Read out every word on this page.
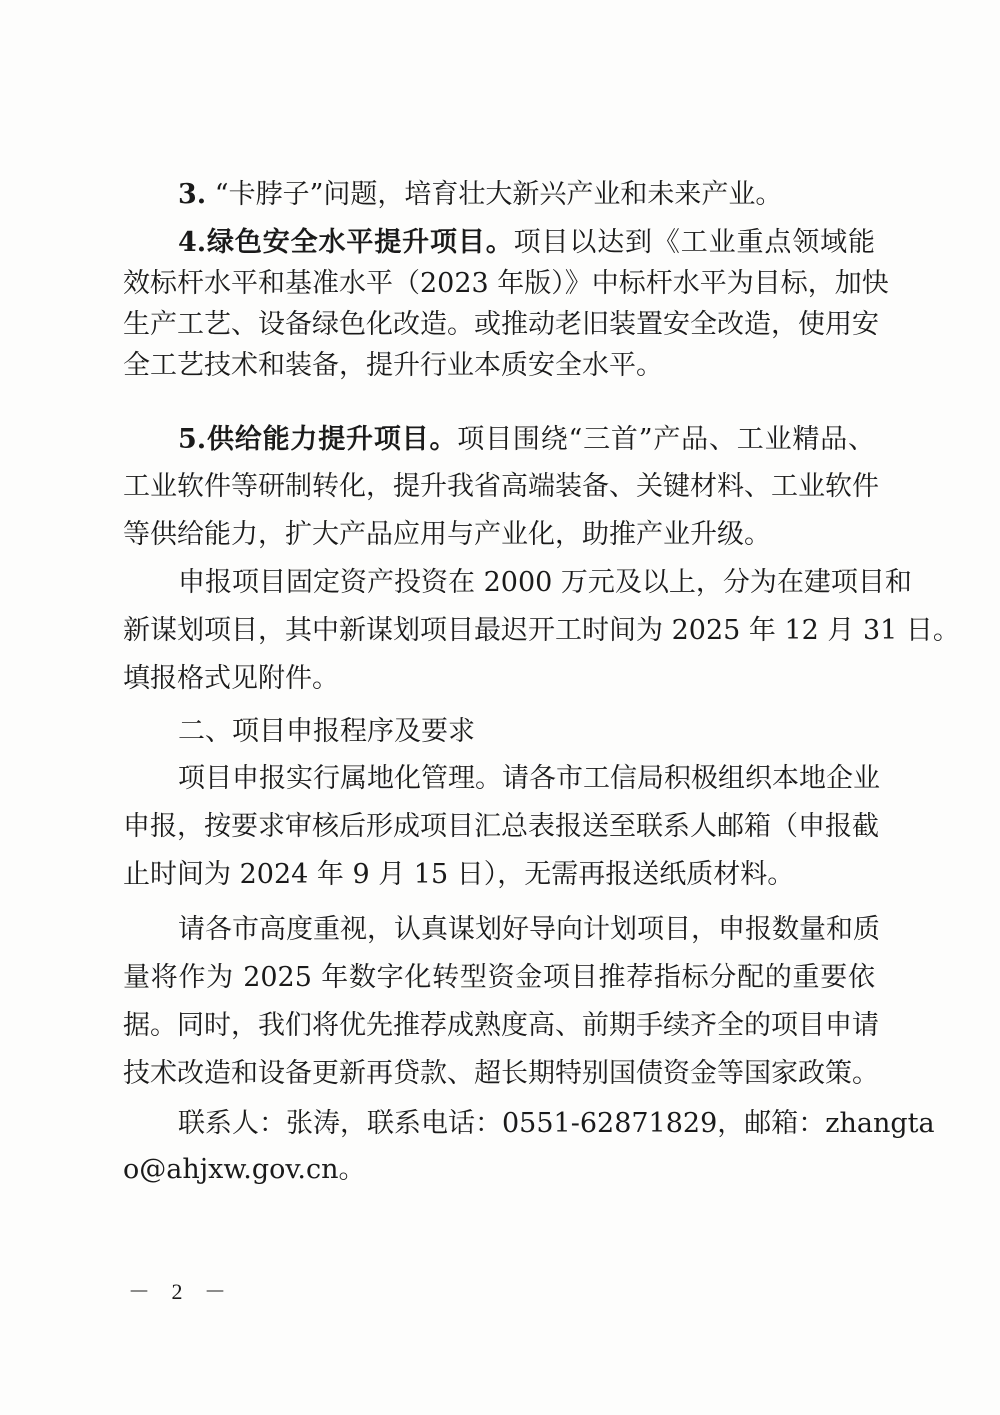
3. “卡脖子”问题，培育壮大新兴产业和未来产业。
4.绿色安全水平提升项目。项目以达到《工业重点领域能
效标杆水平和基准水平（2023 年版）》中标杆水平为目标，加快
生产工艺、设备绿色化改造。或推动老旧装置安全改造，使用安
全工艺技术和装备，提升行业本质安全水平。
5.供给能力提升项目。项目围绕“三首”产品、工业精品、
工业软件等研制转化，提升我省高端装备、关键材料、工业软件
等供给能力，扩大产品应用与产业化，助推产业升级。
申报项目固定资产投资在 2000 万元及以上，分为在建项目和
新谋划项目，其中新谋划项目最迟开工时间为 2025 年 12 月 31 日。
填报格式见附件。
二、项目申报程序及要求
项目申报实行属地化管理。请各市工信局积极组织本地企业
申报，按要求审核后形成项目汇总表报送至联系人邮箱（申报截
止时间为 2024 年 9 月 15 日），无需再报送纸质材料。
请各市高度重视，认真谋划好导向计划项目，申报数量和质
量将作为 2025 年数字化转型资金项目推荐指标分配的重要依
据。同时，我们将优先推荐成熟度高、前期手续齐全的项目申请
技术改造和设备更新再贷款、超长期特别国债资金等国家政策。
联系人：张涛，联系电话：0551-62871829，邮箱：zhangta
o@ahjxw.gov.cn。
－ 2 －
